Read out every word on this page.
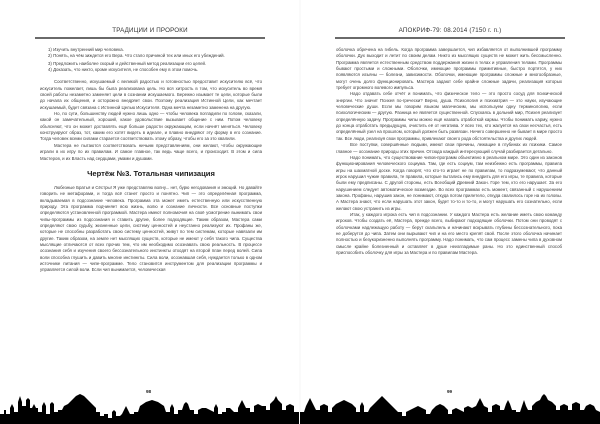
ТРАДИЦИИ И ПРОРОКИ
1) Изучить внутренний мир человека.
2) Понять, на чём зиждется его Вера. Что стало причиной тех или иных его убеждений.
3) Предложить наиболее скорый и действенный метод реализации его целей.
4) Доказать, что никто, кроме искусителя, не способен ему в этом помочь.

Соответственно, искушаемый с великой радостью и готовностью предоставит искусителю всё, что искуситель пожелает, лишь бы была реализована цель. Но вся хитрость в том, что искуситель во время своей работы незаметно заменяет цели в сознании искушаемого. Бережно изымает те цели, которые были до начала их общения, и осторожно внедряет свои. Поэтому реализация Истинной Цели, как мечтает искушаемый, будет связана с Истинной Целью Искусителя. Одна мечта незаметно заменена на другую.

Но, по сути, большинству людей нужно лишь одно — чтобы человека погладили по голове, сказали, какой он замечательный, хороший, какое удовольствие вызывает общение с ним. Потом человеку объясняют, что он может доставлять ещё больше радости окружающим, если начнёт меняться. Человеку конструируют образ, тот, каким его хотят видеть в идеале, и плавно внедряют эту форму в его сознание. Тогда человек всеми силами старается соответствовать этому образу, чтобы его за это хвалили.

Мастера не пытаются соответствовать ничьим представлениям, они желают, чтобы окружающие играли в их игру по их правилам. И самое главное, так ведь чаще всего, и происходит. В этом и сила Мастеров, и их Власть над сердцами, умами и душами.

Чертёж №3. Тотальная чипизация

Любезные Братья и Сёстры! Я уже представляю волну... нет, бурю негодования и эмоций. Но давайте говорить не метафорами, и тогда всё станет просто и понятно. Чип — это определённая программа, вкладываемая в подсознание человека. Программа эта может иметь естественную или искусственную природу. Эта программа подчиняет всю жизнь, волю и сознание личности. Все основные поступки определяются установленной программой. Мастера имеют полномочия на своё усмотрение вынимать свои чипы-программы из подсознания и ставить другие, более подходящие. Таким образом, Мастера сами определяют свою судьбу, жизненные цели, систему ценностей и неустанно реализуют их. Профаны же, которые не способны разработать свою систему ценностей, живут по тем системам, которые навязали им другие. Таким образом, на земле нет мыслящих существ, которые не имеют у себя такого чипа. Существа мыслящие отличаются от всех прочих тем, что им необходимо осознавать свою реальность. В процессе осознания себя и изучения своего бессознательного инстинкты отходят на второй план перед волей. Сила воли способна глушить и давить многие инстинкты. Сила воли, осознавшая себя, нуждается только в одном источнике питания — чипе-программе. Тело становится инструментом для реализации программы и управляется силой воли. Если чип вынимается, человеческая

98
АПОКРИФ-79: 08.2014 (7150 г. п.)

оболочка обречена на гибель. Когда программа завершается, чип избавляется от выполнившей программу оболочки. Дух выходит и летит по своим делам. Никто из мыслящих существ не может жить бессмысленно. Программа является естественным средством поддержания жизни в телах и управления телами. Программы бывают простыми и сложными. Оболочки, имеющие программы примитивные, быстро портятся, у них появляются изъяны — болезни, зависимости. Оболочки, имеющие программы сложные и многообразные, могут очень долго функционировать. Мастера задают себе крайне сложные задачи, реализация которых требует огромного волевого импульса.

Надо отдавать себе отчёт и понимать, что физическое тело — это просто сосуд для психической энергии. Что значит Психея по-гречески? Верно, душа. Психология и психиатрия — это науки, изучающие человеческие души. Если мы говорим языком магическим, мы используем одну терминологию, если психологическим — другую. Разница не является существенной. Спускаясь в дольний мир, Психея реализует определённую задачу. Программы чипы можно ещё назвать отработкой кармы. Чтобы понимать карму, нужно до конца отработать предыдущую, очистить её от негатива. У всех тех, кто жалуется на свои несчастья, есть определённый узел на прошлом, который должен быть развязан. Ничего совершенно не бывает в мире просто так. Все люди, реализуя свои программы, привлекают своего рода обстоятельства и других людей.

Все поступки, совершённые людьми, имеют свои причины, лежащие в глубинах их психики. Самое главное — осознание природы этих причин. Отсюда каждый интересующий случай разбирается детально.

Надо понимать, что существование чипов-программ объективно в реальном мире. Это один из законов функционирования человеческого социума. Там, где есть социум, там неизбежно есть программы, правила игры на шахматной доске. Когда говорят, что кто-то играет не по правилам, то подразумевают, что данный игрок нарушил чужие правила, те правила, которые пытались ему внедрить для его игры, те правила, которые были ему предписаны. С другой стороны, есть Всеобщий Древний Закон. Горе тем, кто его нарушает. За его нарушением следует автоматическое возмездие. Во всех программах есть момент, связанный с нарушением закона. Профаны, нарушив закон, не понимают, откуда потом прилетело, откуда свалилось горе на их головы. А Мастера знают, что если нарушать этот закон, будет то-то и то-то, и могут нарушать его сознательно, если желают свою устранить из игры.

Итак, у каждого игрока есть чип в подсознании. У каждого Мастера есть желание иметь свою команду игроков. Чтобы создать её, Мастера, прежде всего, выбирают подходящие оболочки. Потом они проводят с оболочками надлежащую работу — берут скальпель и начинают вскрывать глубины бессознательного, пока не доберутся до чипа. Затем они вырывают чип и на его место крепят свой. После этого оболочка начинает полностью и безукоризненно выполнять программу. Надо понимать, что сам процесс замены чипа в духовном смысле крайне болезненный и оставляет в душе неизгладимые раны. Но это единственный способ приспособить оболочку для игры за Мастера и по правилам Мастера.

99
